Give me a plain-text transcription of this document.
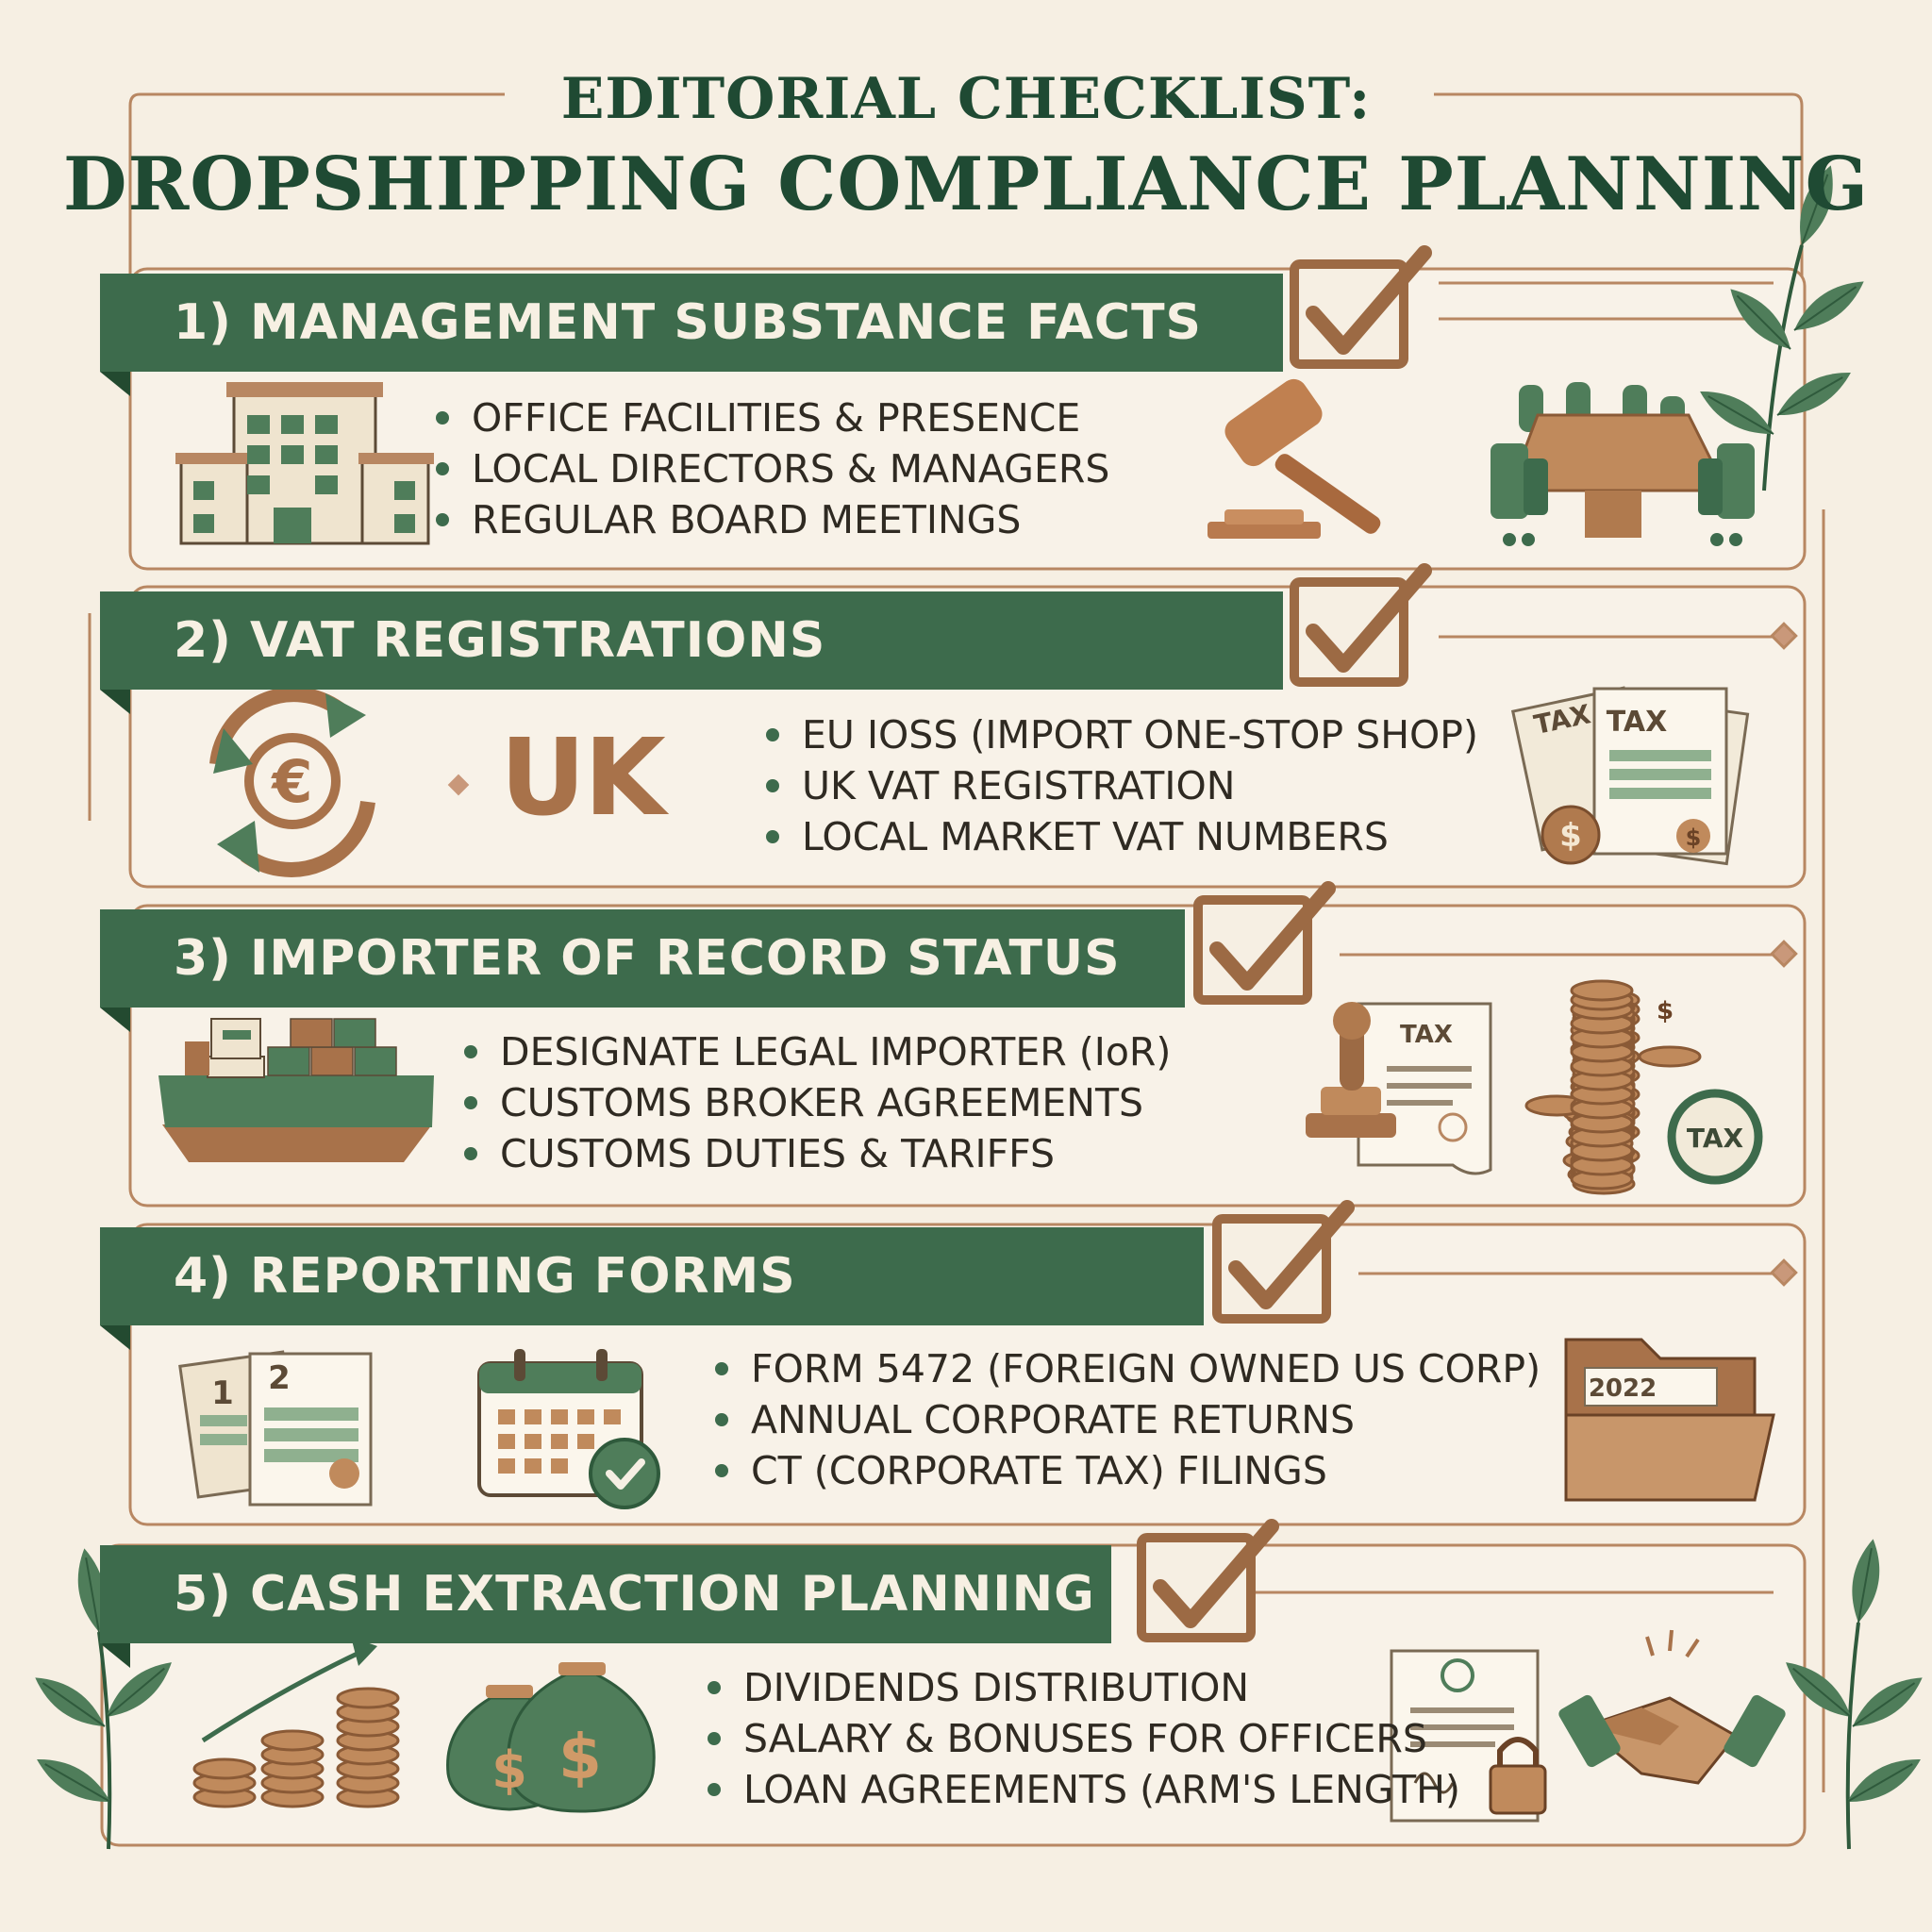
€
$	$
$
$ $
TAX TAX
TAX
TAX
1 2	2022
EDITORIAL CHECKLIST:
DROPSHIPPING COMPLIANCE PLANNING
1) MANAGEMENT SUBSTANCE FACTS
OFFICE FACILITIES & PRESENCE
LOCAL DIRECTORS & MANAGERS
REGULAR BOARD MEETINGS
2) VAT REGISTRATIONS
UK	EU IOSS (IMPORT ONE-STOP SHOP)
UK VAT REGISTRATION
LOCAL MARKET VAT NUMBERS
3) IMPORTER OF RECORD STATUS
DESIGNATE LEGAL IMPORTER (IoR)
CUSTOMS BROKER AGREEMENTS
CUSTOMS DUTIES & TARIFFS
4) REPORTING FORMS
FORM 5472 (FOREIGN OWNED US CORP)
ANNUAL CORPORATE RETURNS
CT (CORPORATE TAX) FILINGS
5) CASH EXTRACTION PLANNING
DIVIDENDS DISTRIBUTION
SALARY & BONUSES FOR OFFICERS
LOAN AGREEMENTS (ARM'S LENGTH)
